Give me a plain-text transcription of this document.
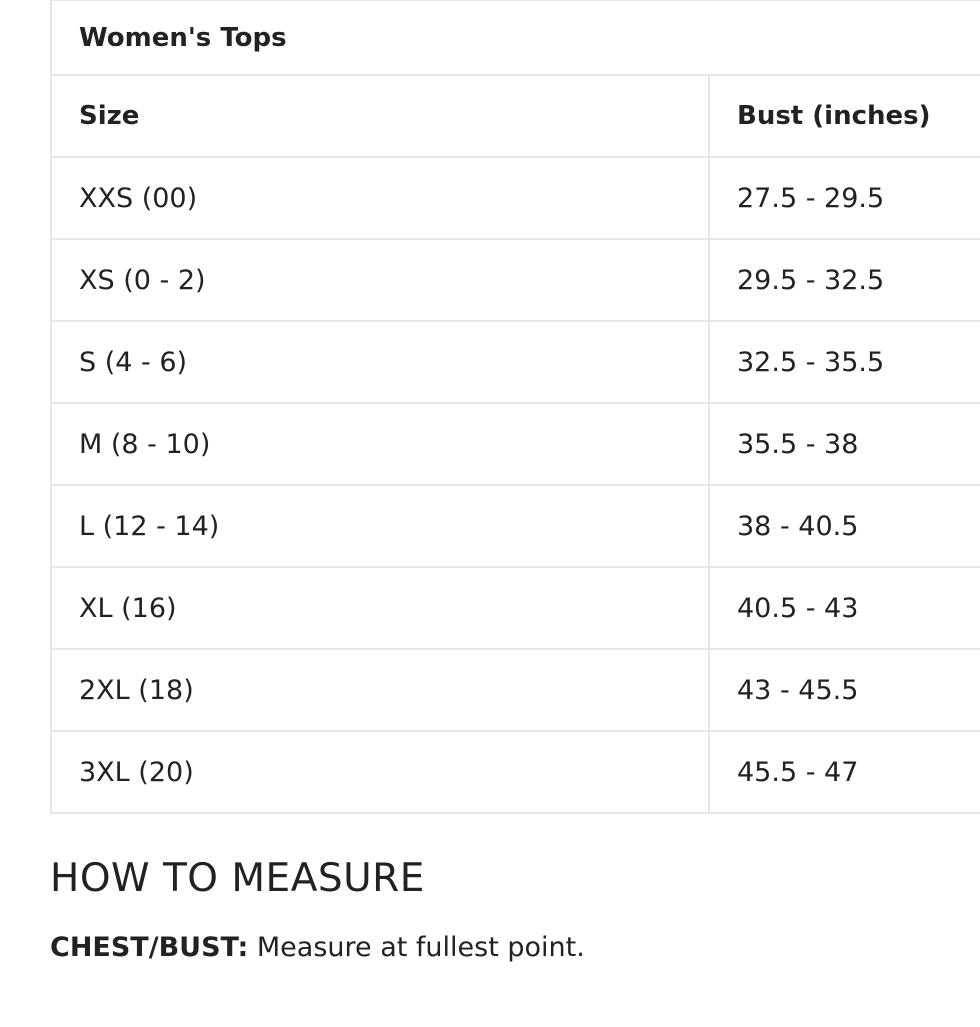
Women's Tops	
Size	Bust (inches)
XXS (00)	27.5 - 29.5
XS (0 - 2)	29.5 - 32.5
S (4 - 6)	32.5 - 35.5
M (8 - 10)	35.5 - 38
L (12 - 14)	38 - 40.5
XL (16)	40.5 - 43
2XL (18)	43 - 45.5
3XL (20)	45.5 - 47
HOW TO MEASURE

CHEST/BUST: Measure at fullest point.
